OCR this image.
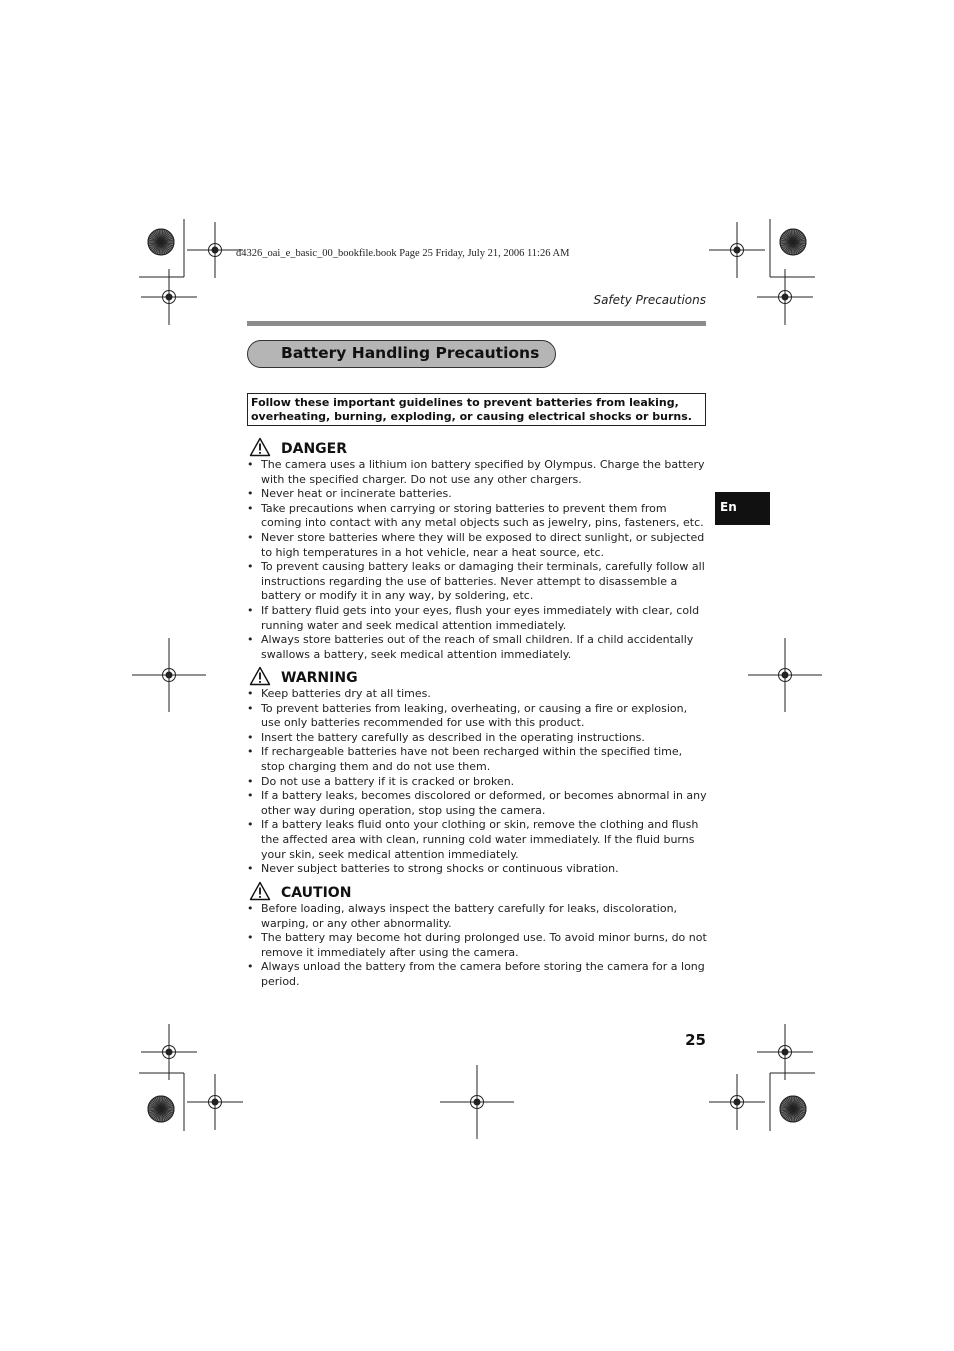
d4326_oai_e_basic_00_bookfile.book Page 25 Friday, July 21, 2006 11:26 AM
Safety Precautions
Battery Handling Precautions
Follow these important guidelines to prevent batteries from leaking, overheating, burning, exploding, or causing electrical shocks or burns.
En
DANGER
• The camera uses a lithium ion battery specified by Olympus. Charge the battery with the specified charger. Do not use any other chargers.
• Never heat or incinerate batteries.
• Take precautions when carrying or storing batteries to prevent them from coming into contact with any metal objects such as jewelry, pins, fasteners, etc.
• Never store batteries where they will be exposed to direct sunlight, or subjected to high temperatures in a hot vehicle, near a heat source, etc.
• To prevent causing battery leaks or damaging their terminals, carefully follow all instructions regarding the use of batteries. Never attempt to disassemble a battery or modify it in any way, by soldering, etc.
• If battery fluid gets into your eyes, flush your eyes immediately with clear, cold running water and seek medical attention immediately.
• Always store batteries out of the reach of small children. If a child accidentally swallows a battery, seek medical attention immediately.
WARNING
• Keep batteries dry at all times.
• To prevent batteries from leaking, overheating, or causing a fire or explosion, use only batteries recommended for use with this product.
• Insert the battery carefully as described in the operating instructions.
• If rechargeable batteries have not been recharged within the specified time, stop charging them and do not use them.
• Do not use a battery if it is cracked or broken.
• If a battery leaks, becomes discolored or deformed, or becomes abnormal in any other way during operation, stop using the camera.
• If a battery leaks fluid onto your clothing or skin, remove the clothing and flush the affected area with clean, running cold water immediately. If the fluid burns your skin, seek medical attention immediately.
• Never subject batteries to strong shocks or continuous vibration.
CAUTION
• Before loading, always inspect the battery carefully for leaks, discoloration, warping, or any other abnormality.
• The battery may become hot during prolonged use. To avoid minor burns, do not remove it immediately after using the camera.
• Always unload the battery from the camera before storing the camera for a long period.
25
